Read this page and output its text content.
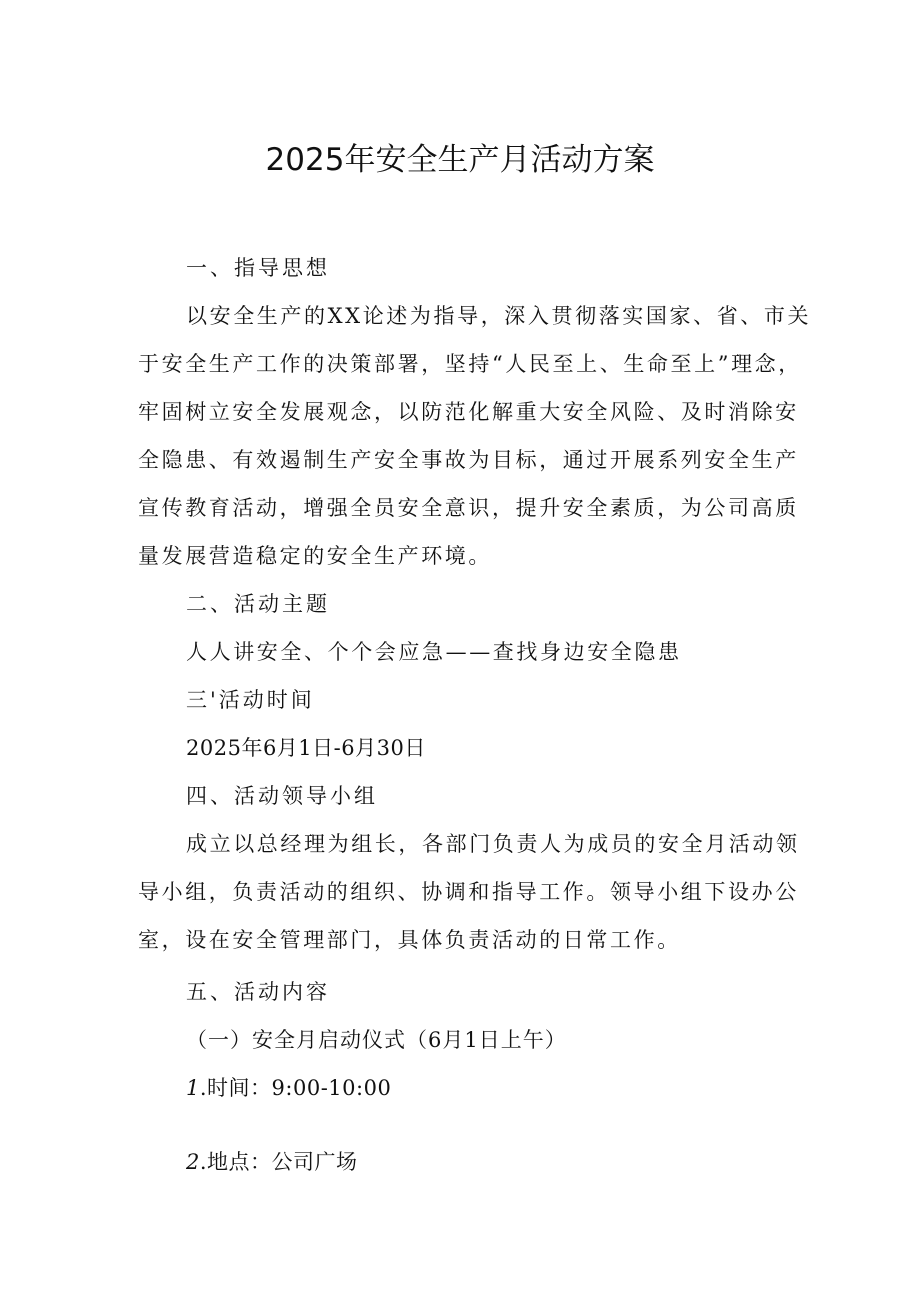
2025年安全生产月活动方案

一、指导思想

以安全生产的XX论述为指导，深入贯彻落实国家、省、市关

于安全生产工作的决策部署，坚持“人民至上、生命至上”理念，

牢固树立安全发展观念，以防范化解重大安全风险、及时消除安

全隐患、有效遏制生产安全事故为目标，通过开展系列安全生产

宣传教育活动，增强全员安全意识，提升安全素质，为公司高质

量发展营造稳定的安全生产环境。

二、活动主题

人人讲安全、个个会应急——查找身边安全隐患

三'活动时间

2025年6月1日-6月30日

四、活动领导小组

成立以总经理为组长，各部门负责人为成员的安全月活动领

导小组，负责活动的组织、协调和指导工作。领导小组下设办公

室，设在安全管理部门，具体负责活动的日常工作。

五、活动内容

（一）安全月启动仪式（6月1日上午）

1.时间：9:00-10:00

2.地点：公司广场
